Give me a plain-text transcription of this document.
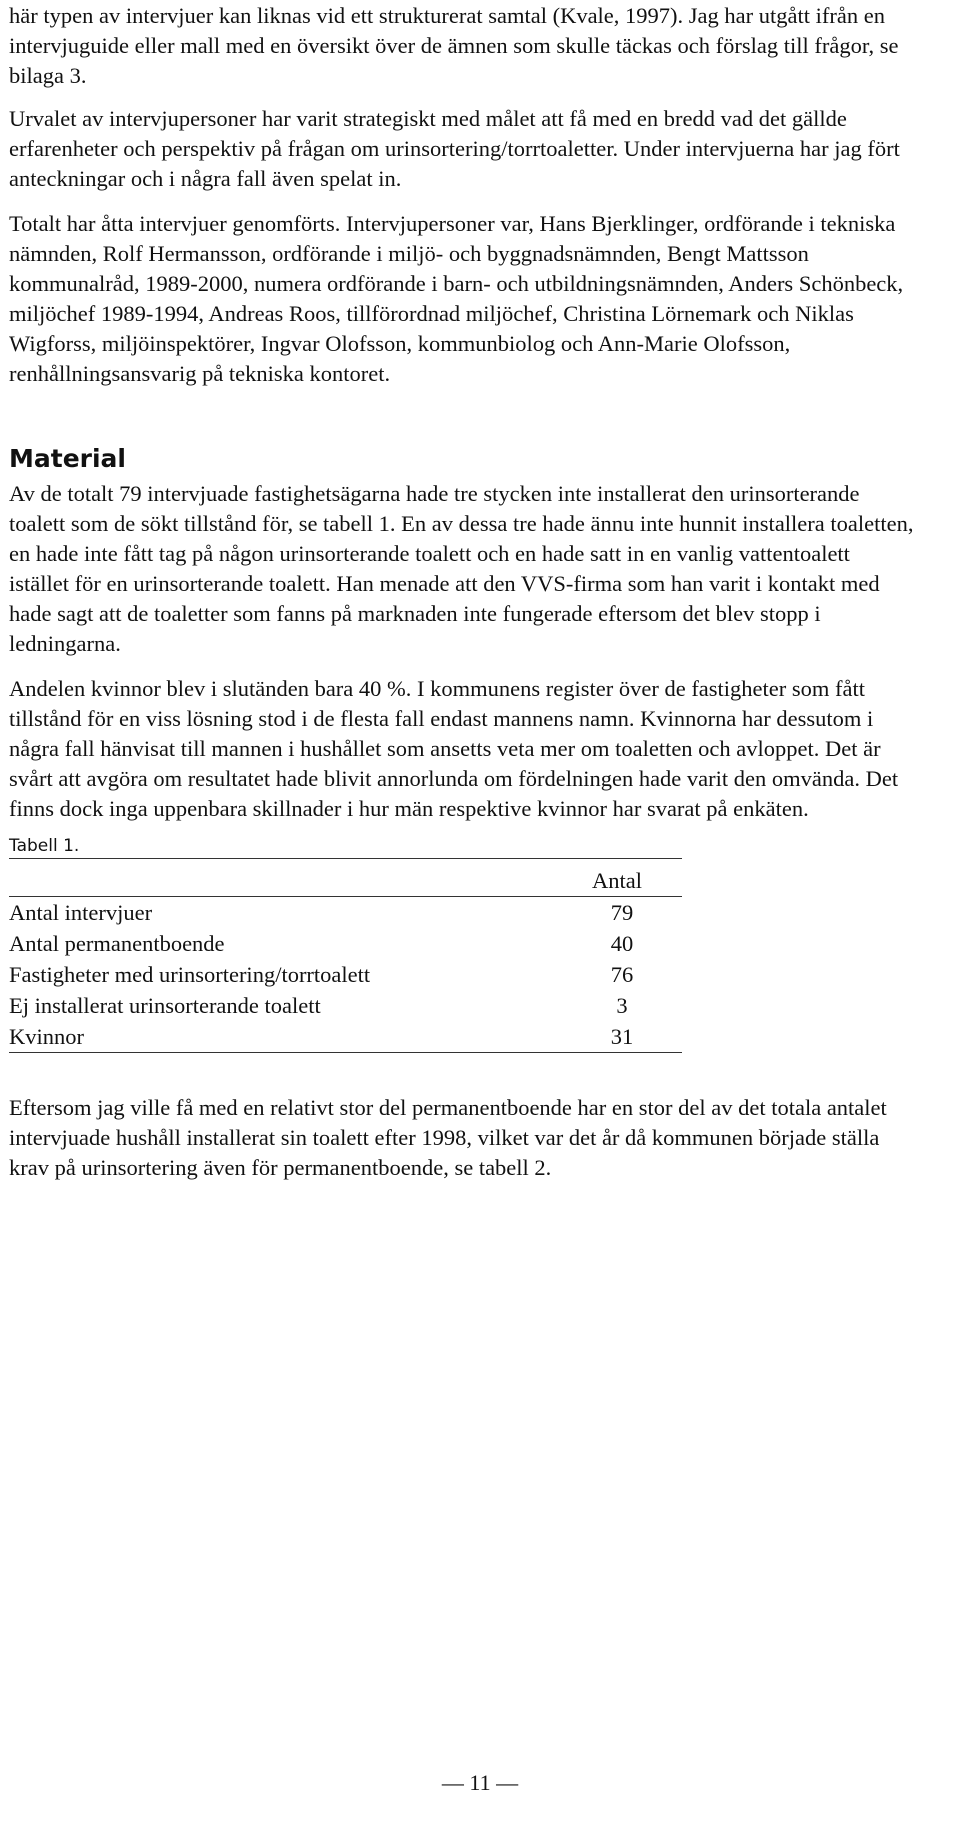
här typen av intervjuer kan liknas vid ett strukturerat samtal (Kvale, 1997). Jag har utgått ifrån en intervjuguide eller mall med en översikt över de ämnen som skulle täckas och förslag till frågor, se bilaga 3.

Urvalet av intervjupersoner har varit strategiskt med målet att få med en bredd vad det gällde erfarenheter och perspektiv på frågan om urinsortering/torrtoaletter. Under intervjuerna har jag fört anteckningar och i några fall även spelat in.

Totalt har åtta intervjuer genomförts. Intervjupersoner var, Hans Bjerklinger, ordförande i tekniska nämnden, Rolf Hermansson, ordförande i miljö- och byggnadsnämnden, Bengt Mattsson kommunalråd, 1989-2000, numera ordförande i barn- och utbildningsnämnden, Anders Schönbeck, miljöchef 1989-1994, Andreas Roos, tillförordnad miljöchef, Christina Lörnemark och Niklas Wigforss, miljöinspektörer, Ingvar Olofsson, kommunbiolog och Ann-Marie Olofsson, renhållningsansvarig på tekniska kontoret.

Material

Av de totalt 79 intervjuade fastighetsägarna hade tre stycken inte installerat den urinsorterande toalett som de sökt tillstånd för, se tabell 1. En av dessa tre hade ännu inte hunnit installera toaletten, en hade inte fått tag på någon urinsorterande toalett och en hade satt in en vanlig vattentoalett istället för en urinsorterande toalett. Han menade att den VVS-firma som han varit i kontakt med hade sagt att de toaletter som fanns på marknaden inte fungerade eftersom det blev stopp i ledningarna.

Andelen kvinnor blev i slutänden bara 40 %. I kommunens register över de fastigheter som fått tillstånd för en viss lösning stod i de flesta fall endast mannens namn. Kvinnorna har dessutom i några fall hänvisat till mannen i hushållet som ansetts veta mer om toaletten och avloppet. Det är svårt att avgöra om resultatet hade blivit annorlunda om fördelningen hade varit den omvända. Det finns dock inga uppenbara skillnader i hur män respektive kvinnor har svarat på enkäten.

Tabell 1.
Antal	
Antal intervjuer	79
Antal permanentboende	40
Fastigheter med urinsortering/torrtoalett	76
Ej installerat urinsorterande toalett	3
Kvinnor	31

Eftersom jag ville få med en relativt stor del permanentboende har en stor del av det totala antalet intervjuade hushåll installerat sin toalett efter 1998, vilket var det år då kommunen började ställa krav på urinsortering även för permanentboende, se tabell 2.

— 11 —
